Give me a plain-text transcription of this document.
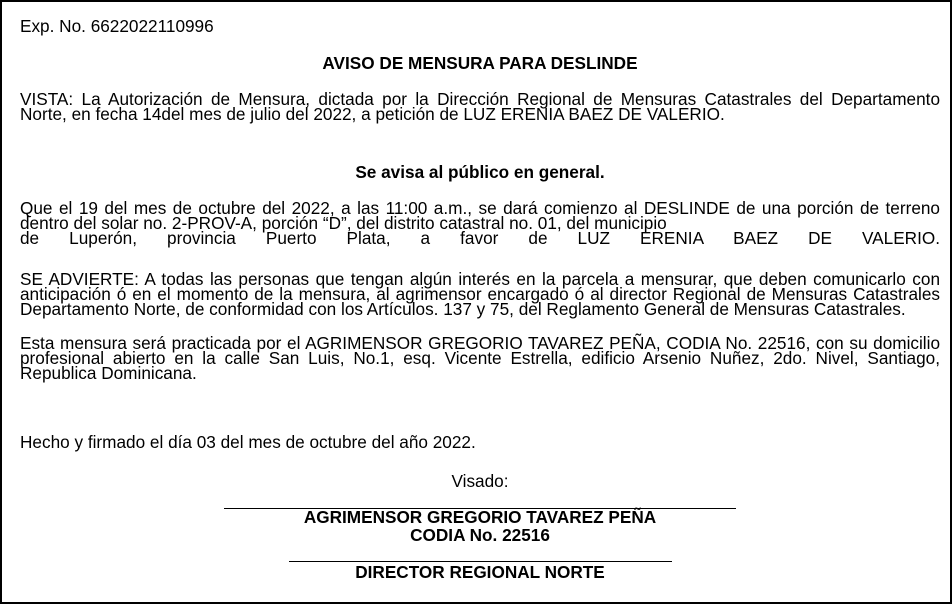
Exp. No. 6622022110996

AVISO DE MENSURA PARA DESLINDE

VISTA: La Autorización de Mensura, dictada por la Dirección Regional de Mensuras Catastrales del Departamento Norte, en fecha 14del mes de julio del 2022, a petición de LUZ ERENIA BAEZ DE VALERIO.

Se avisa al público en general.

Que el 19 del mes de octubre del 2022, a las 11:00 a.m., se dará comienzo al DESLINDE de una porción de terreno dentro del solar no. 2-PROV-A, porción “D”, del distrito catastral no. 01, del municipio
de Luperón, provincia Puerto Plata, a favor de LUZ ERENIA BAEZ DE VALERIO.

SE ADVIERTE: A todas las personas que tengan algún interés en la parcela a mensurar, que deben comunicarlo con anticipación ó en el momento de la mensura, al agrimensor encargado ó al director Regional de Mensuras Catastrales Departamento Norte, de conformidad con los Artículos. 137 y 75, del Reglamento General de Mensuras Catastrales.

Esta mensura será practicada por el AGRIMENSOR GREGORIO TAVAREZ PEÑA, CODIA No. 22516, con su domicilio profesional abierto en la calle San Luis, No.1, esq. Vicente Estrella, edificio Arsenio Nuñez, 2do. Nivel, Santiago, Republica Dominicana.

Hecho y firmado el día 03 del mes de octubre del año 2022.

Visado:

AGRIMENSOR GREGORIO TAVAREZ PEÑA

CODIA No. 22516

DIRECTOR REGIONAL NORTE
